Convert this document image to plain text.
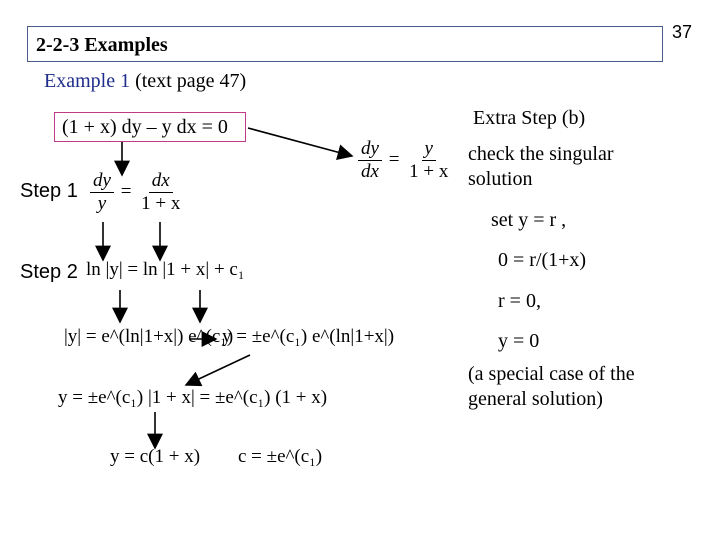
37
2-2-3 Examples
Example 1 (text page 47)
(1 + x) dy – y dx = 0
$\frac{dy}{dx} = \frac{y}{1 + x}$
Step $1 \frac{dy}{y} = \frac{dx}{1 + x}$
Step 2 ln |y| = ln |1 + x| + c₁
|y| = e^(ln|1+x|) e^(c₁)
y = ±e^(c₁) e^(ln|1+x|)
y = ±e^(c₁) |1 + x| = ±e^(c₁) (1 + x)
y = c(1 + x) c = ±e^(c₁)
Extra Step (b)
check the singular
solution
set y = r ,
0 = r/(1+x)
r = 0,
y = 0
(a special case of the
general solution)
